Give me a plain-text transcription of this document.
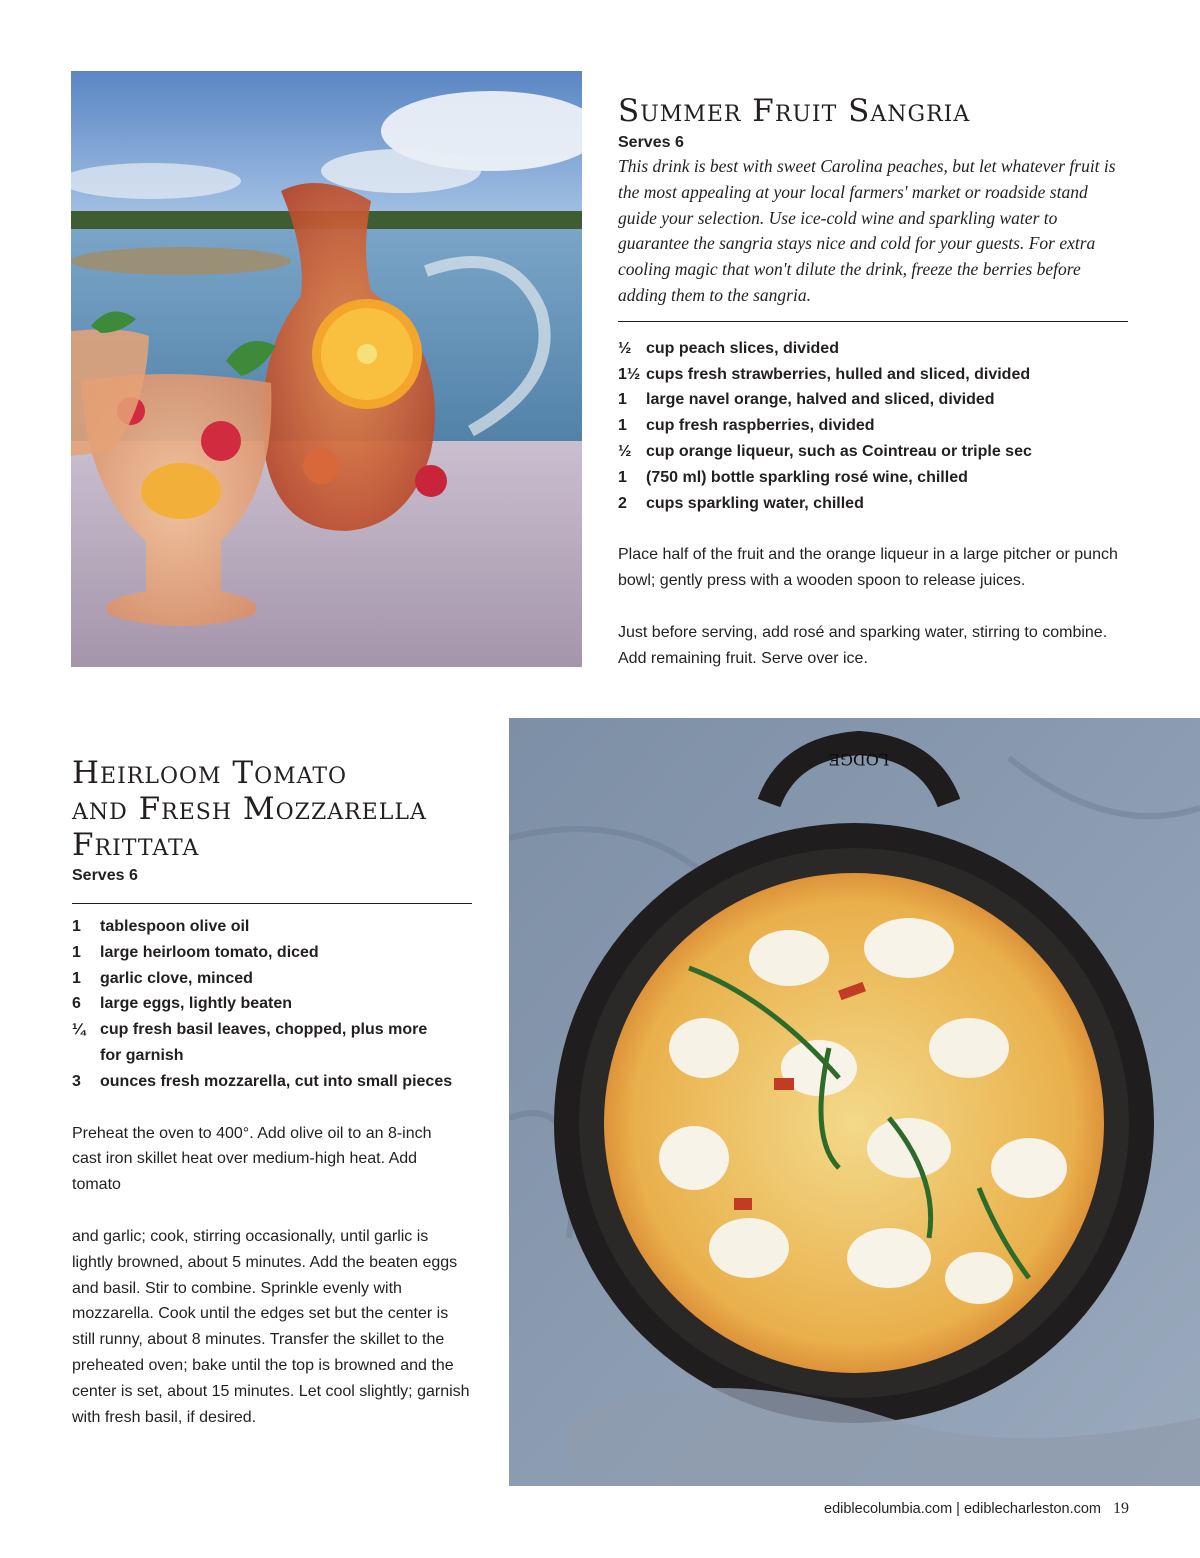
Summer Fruit Sangria

Serves 6

This drink is best with sweet Carolina peaches, but let whatever fruit is the most appealing at your local farmers' market or roadside stand guide your selection. Use ice-cold wine and sparkling water to guarantee the sangria stays nice and cold for your guests. For extra cooling magic that won't dilute the drink, freeze the berries before adding them to the sangria.

½ cup peach slices, divided
1½ cups fresh strawberries, hulled and sliced, divided
1	large navel orange, halved and sliced, divided
1	cup fresh raspberries, divided
½ cup orange liqueur, such as Cointreau or triple sec
1	(750 ml) bottle sparkling rosé wine, chilled
2	cups sparkling water, chilled

Place half of the fruit and the orange liqueur in a large pitcher or punch bowl; gently press with a wooden spoon to release juices.

Just before serving, add rosé and sparking water, stirring to combine. Add remaining fruit. Serve over ice.

Heirloom Tomato
and Fresh Mozzarella
Frittata

Serves 6

1	tablespoon olive oil
1	large heirloom tomato, diced
1	garlic clove, minced
6	large eggs, lightly beaten
¼ cup fresh basil leaves, chopped, plus more for garnish
3	ounces fresh mozzarella, cut into small pieces

Preheat the oven to 400°. Add olive oil to an 8-inch cast iron skillet heat over medium-high heat. Add tomato

and garlic; cook, stirring occasionally, until garlic is lightly browned, about 5 minutes. Add the beaten eggs and basil. Stir to combine. Sprinkle evenly with mozzarella. Cook until the edges set but the center is still runny, about 8 minutes. Transfer the skillet to the preheated oven; bake until the top is browned and the center is set, about 15 minutes. Let cool slightly; garnish with fresh basil, if desired.

LODGE
ediblecolumbia.com | ediblecharleston.com 19
